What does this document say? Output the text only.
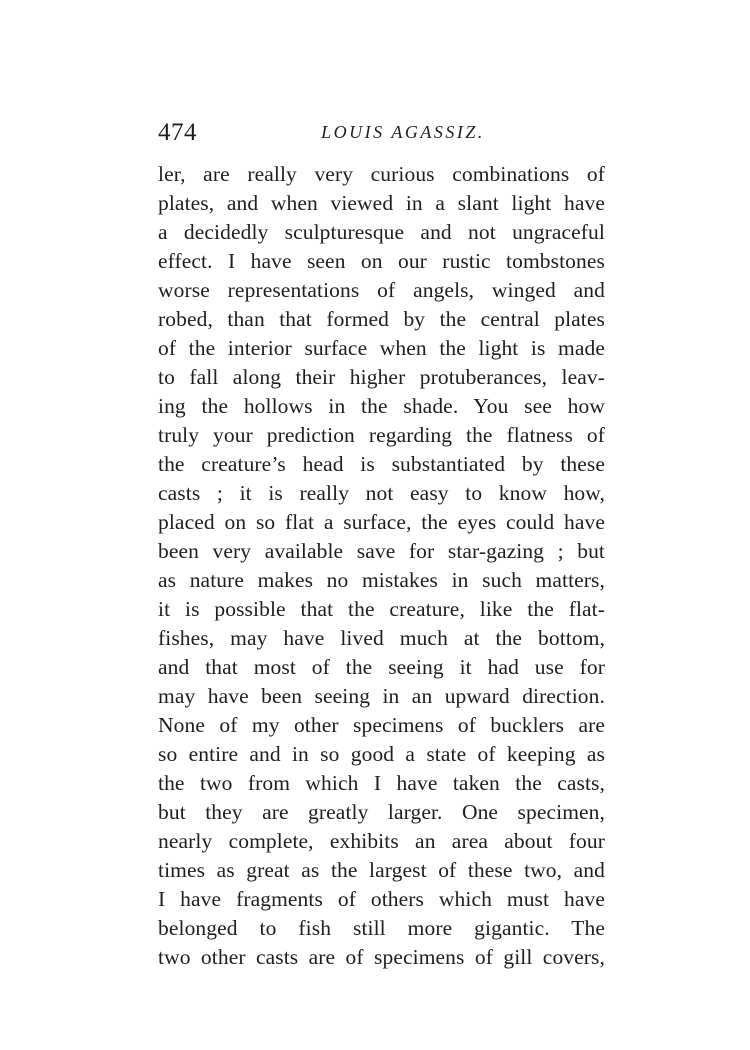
474	LOUIS AGASSIZ.
ler, are really very curious combinations of
plates, and when viewed in a slant light have
a decidedly sculpturesque and not ungraceful
effect. I have seen on our rustic tombstones
worse representations of angels, winged and
robed, than that formed by the central plates
of the interior surface when the light is made
to fall along their higher protuberances, leav-
ing the hollows in the shade. You see how
truly your prediction regarding the flatness of
the creature’s head is substantiated by these
casts ; it is really not easy to know how,
placed on so flat a surface, the eyes could have
been very available save for star-gazing ; but
as nature makes no mistakes in such matters,
it is possible that the creature, like the flat-
fishes, may have lived much at the bottom,
and that most of the seeing it had use for
may have been seeing in an upward direction.
None of my other specimens of bucklers are
so entire and in so good a state of keeping as
the two from which I have taken the casts,
but they are greatly larger. One specimen,
nearly complete, exhibits an area about four
times as great as the largest of these two, and
I have fragments of others which must have
belonged to fish still more gigantic. The
two other casts are of specimens of gill covers,
